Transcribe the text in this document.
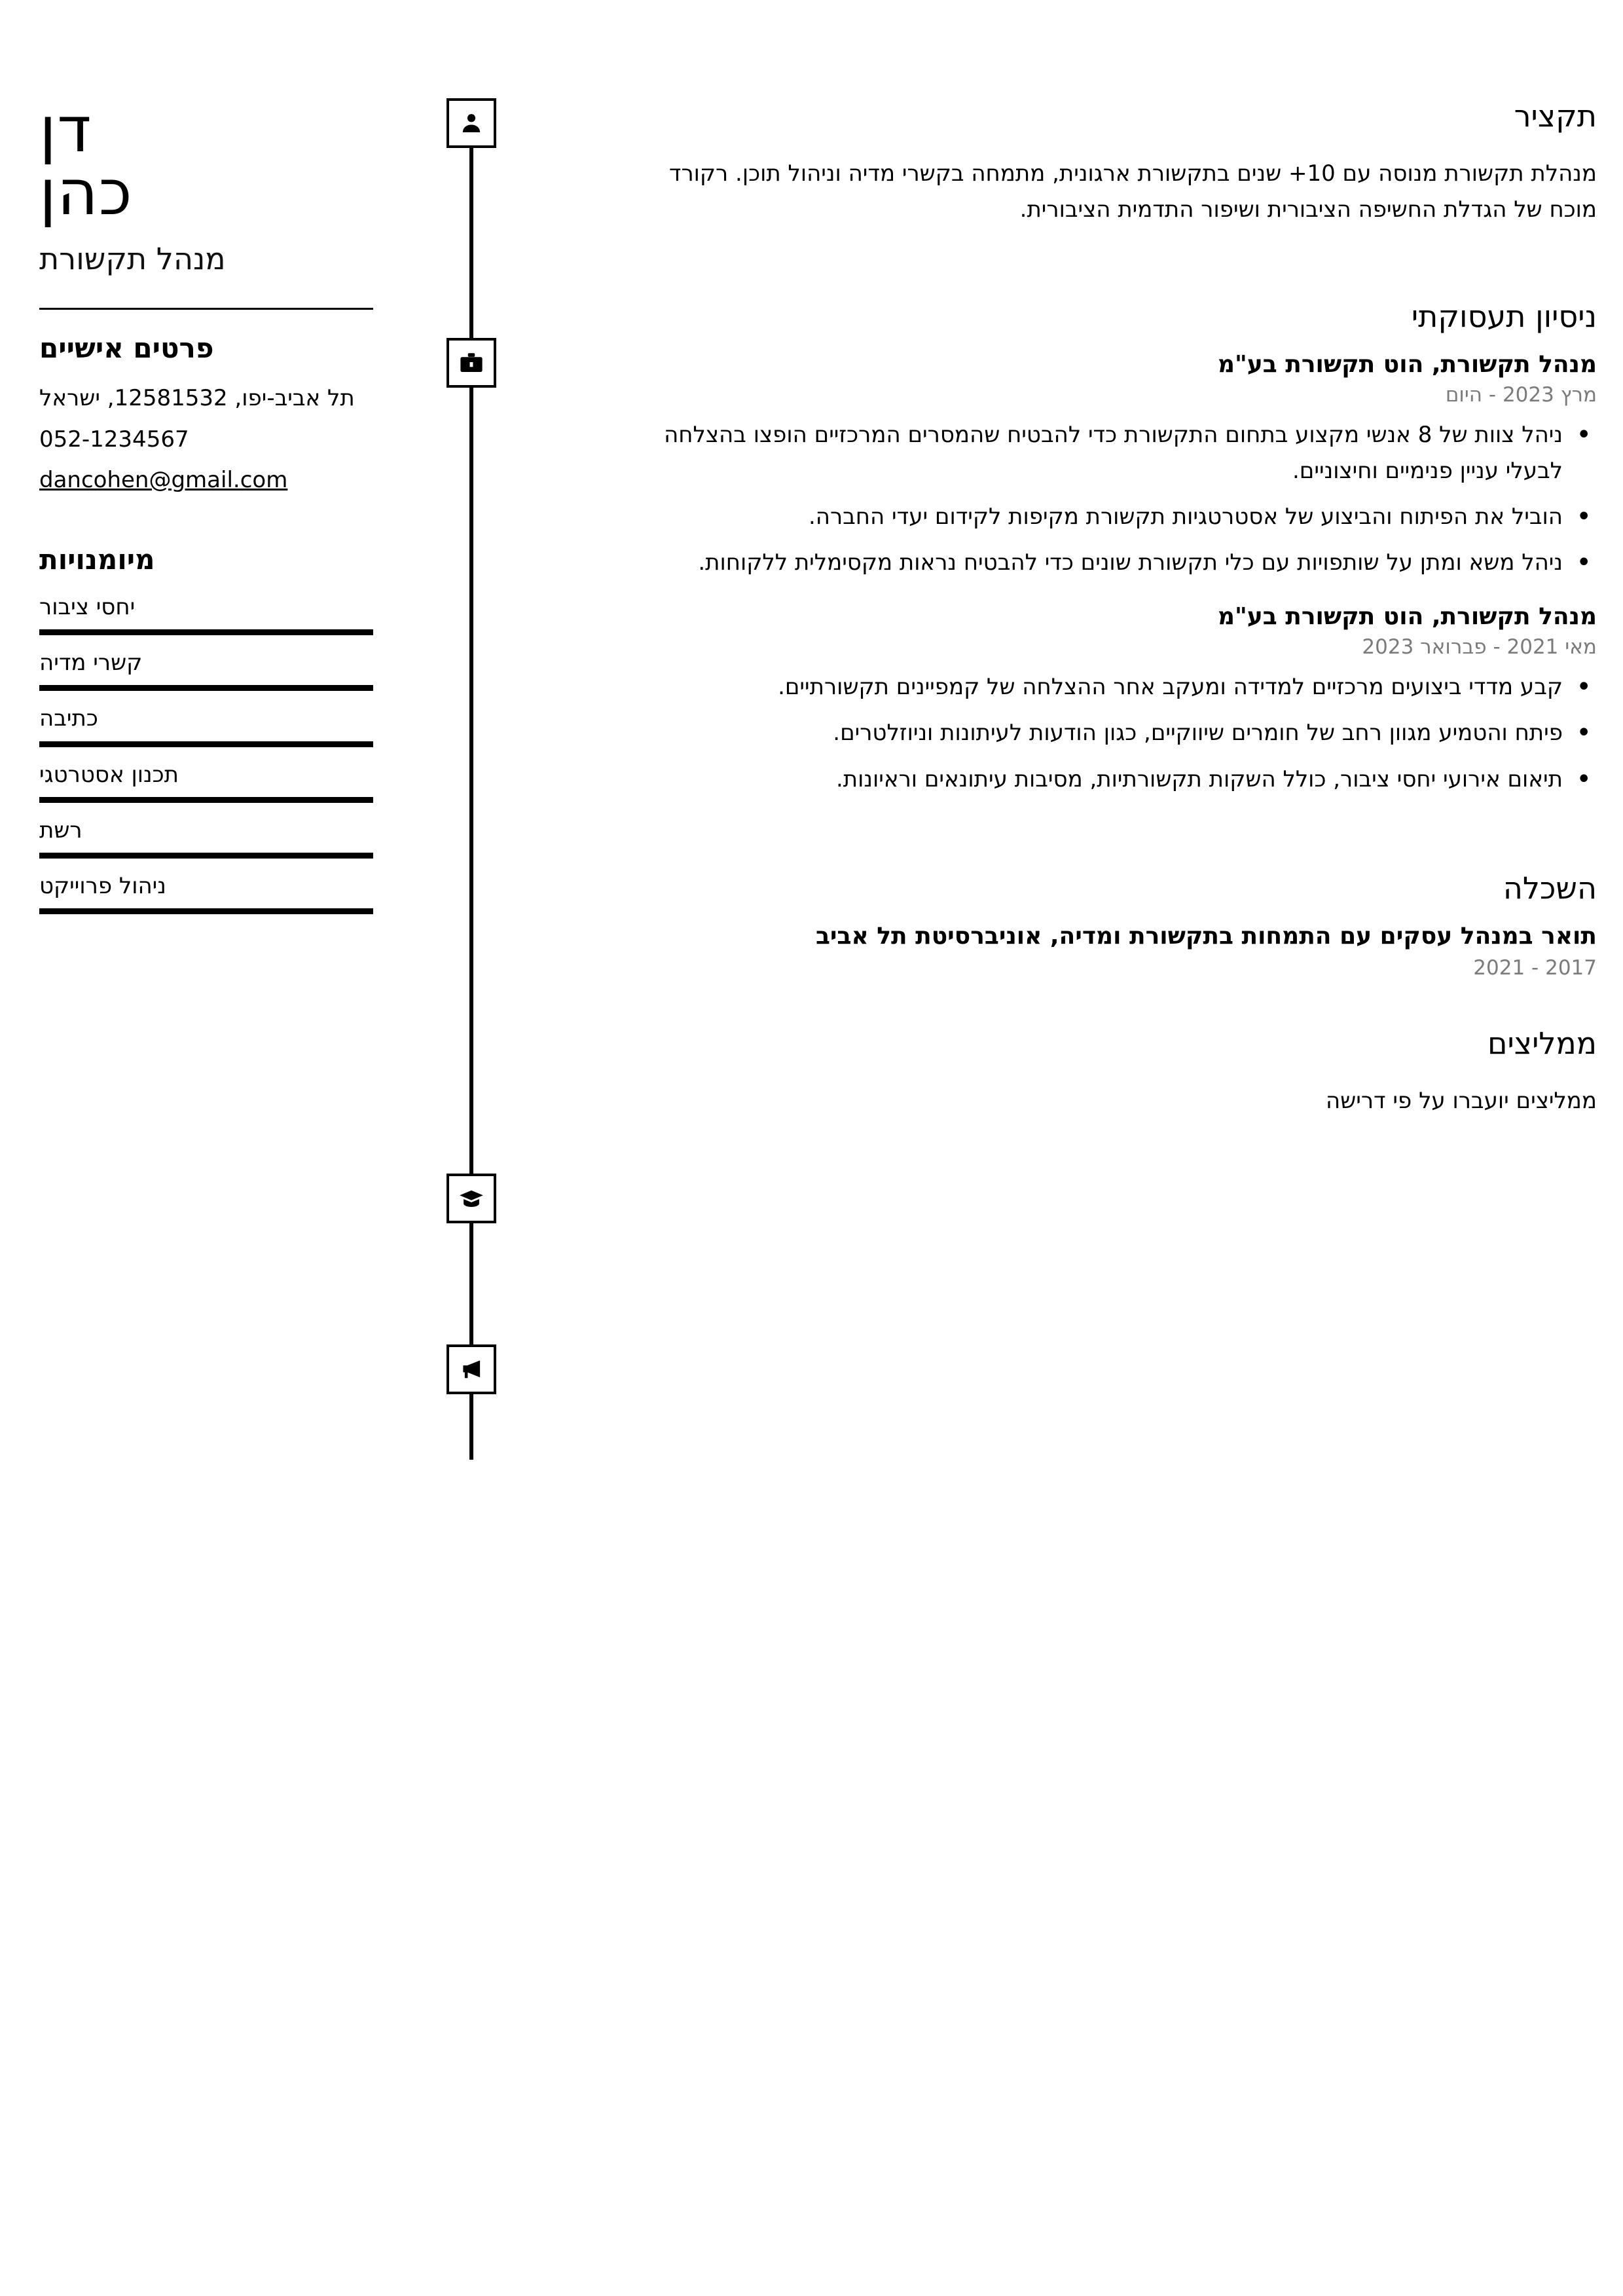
דן
כהן
מנהל תקשורת
פרטים אישיים
תל אביב-יפו, 12581532, ישראל
052-1234567
dancohen@gmail.com
מיומנויות
יחסי ציבור
קשרי מדיה
כתיבה
תכנון אסטרטגי
רשת
ניהול פרוייקט
תקציר

מנהלת תקשורת מנוסה עם 10+ שנים בתקשורת ארגונית, מתמחה בקשרי מדיה וניהול תוכן. רקורד מוכח של הגדלת החשיפה הציבורית ושיפור התדמית הציבורית.

ניסיון תעסוקתי
מנהל תקשורת, הוט תקשורת בע"מ
מרץ 2023 - היום
• ניהל צוות של 8 אנשי מקצוע בתחום התקשורת כדי להבטיח שהמסרים המרכזיים הופצו בהצלחה לבעלי עניין פנימיים וחיצוניים.
• הוביל את הפיתוח והביצוע של אסטרטגיות תקשורת מקיפות לקידום יעדי החברה.
• ניהל משא ומתן על שותפויות עם כלי תקשורת שונים כדי להבטיח נראות מקסימלית ללקוחות.
מנהל תקשורת, הוט תקשורת בע"מ
מאי 2021 - פברואר 2023
• קבע מדדי ביצועים מרכזיים למדידה ומעקב אחר ההצלחה של קמפיינים תקשורתיים.
• פיתח והטמיע מגוון רחב של חומרים שיווקיים, כגון הודעות לעיתונות וניוזלטרים.
• תיאום אירועי יחסי ציבור, כולל השקות תקשורתיות, מסיבות עיתונאים וראיונות.
השכלה
תואר במנהל עסקים עם התמחות בתקשורת ומדיה, אוניברסיטת תל אביב
2017 - 2021
ממליצים

ממליצים יועברו על פי דרישה
